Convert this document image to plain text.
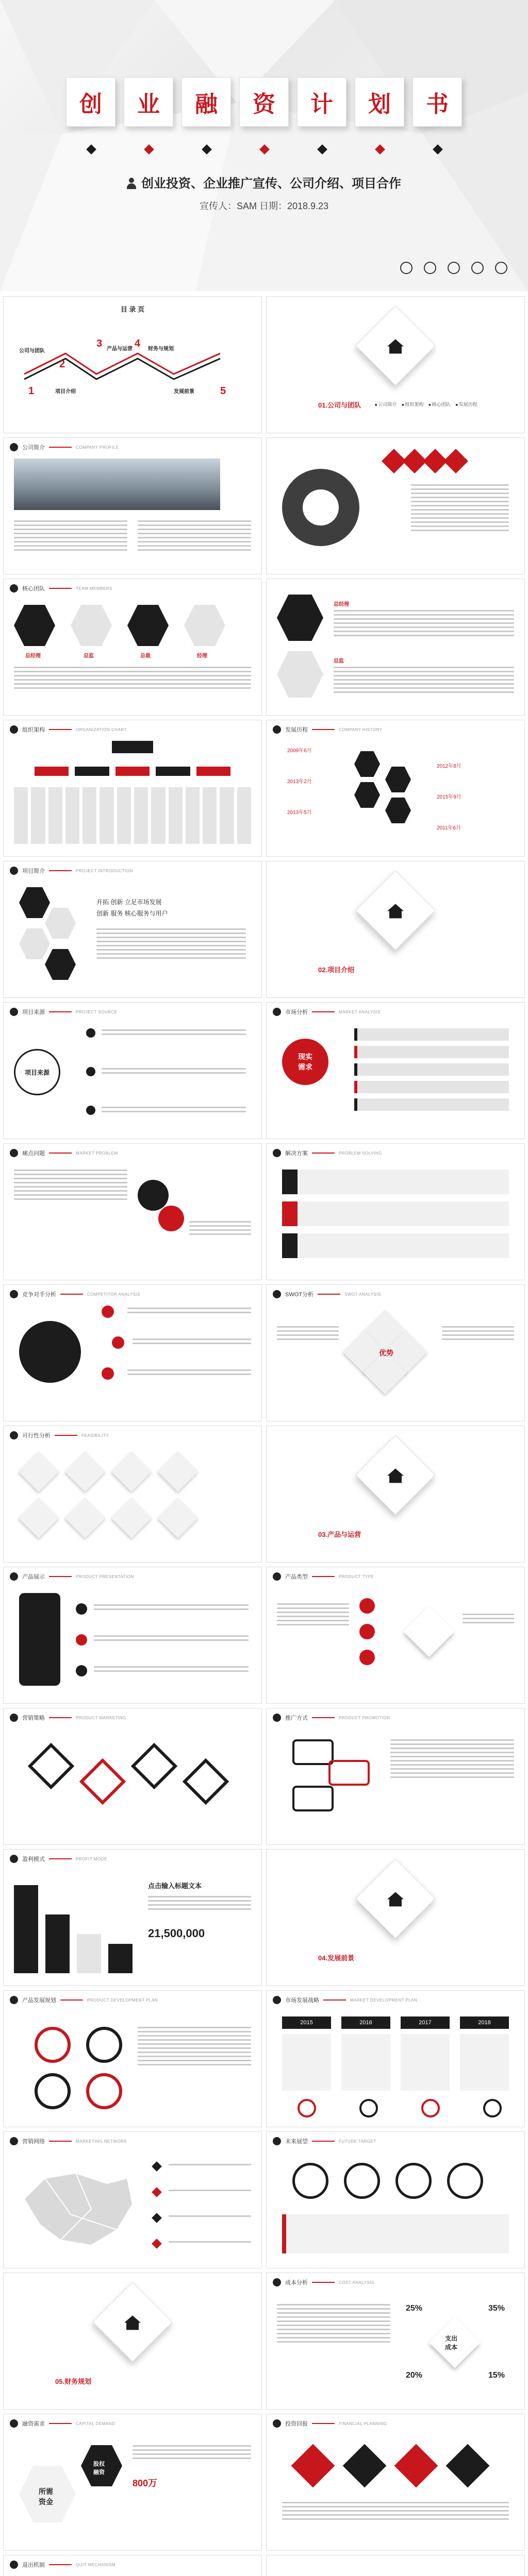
创 业 融 资 计 划 书
创业投资、企业推广宣传、公司介绍、项目合作
宣传人：SAM 日期：2018.9.23
目 录 页
1
公司与团队
2
项目介绍
3 产品与运营 4 财务与规划
5
发展前景
01.公司与团队	■ 公司简介	■ 组织架构	■ 核心团队	■ 发展历程
公司简介	COMPANY PROFILE
核心团队	TEAM MEMBERS
总经理	总监	总裁	经理
总经理
总监
组织架构	ORGANIZATION CHART	发展历程	COMPANY HISTORY
2009年6月
2012年8月
2013年2月
2015年9月
2013年5月
2011年6月
项目简介	PROJECT INTRODUCTION
开拓 创新 立足市场发展
创新 服务 核心服务与用户
02.项目介绍
项目来源	PROJECT SOURCE
项目来源
市场分析	MARKET ANALYSIS
现实
需求
痛点问题	MARKET PROBLEM	解决方案	PROBLEM SOLVING
竞争对手分析	COMPETITOR ANALYSIS	SWOT分析	SWOT ANALYSIS
优势
可行性分析	FEASIBILITY
03.产品与运营
产品展示	PRODUCT PRESENTATION	产品类型	PRODUCT TYPE
营销策略	PRODUCT MARKETING	推广方式	PRODUCT PROMOTION
盈利模式	PROFIT MODE
点击输入标题文本
21,500,000
04.发展前景
产品发展规划	PRODUCT DEVELOPMENT PLAN	市场发展战略	MARKET DEVELOPMENT PLAN
2015	2016	2017	2018
营销网络	MARKETING NETWORK	未来展望	FUTURE TARGET
05.财务规划
成本分析	COST ANALYSIS
支出
成本
25%	35%
20%	15%
融资需求	CAPITAL DEMAND
所需
资金
股权
融资
800万
投资回报	FINANCIAL PLANNING
退出机制	QUIT MECHANISM
